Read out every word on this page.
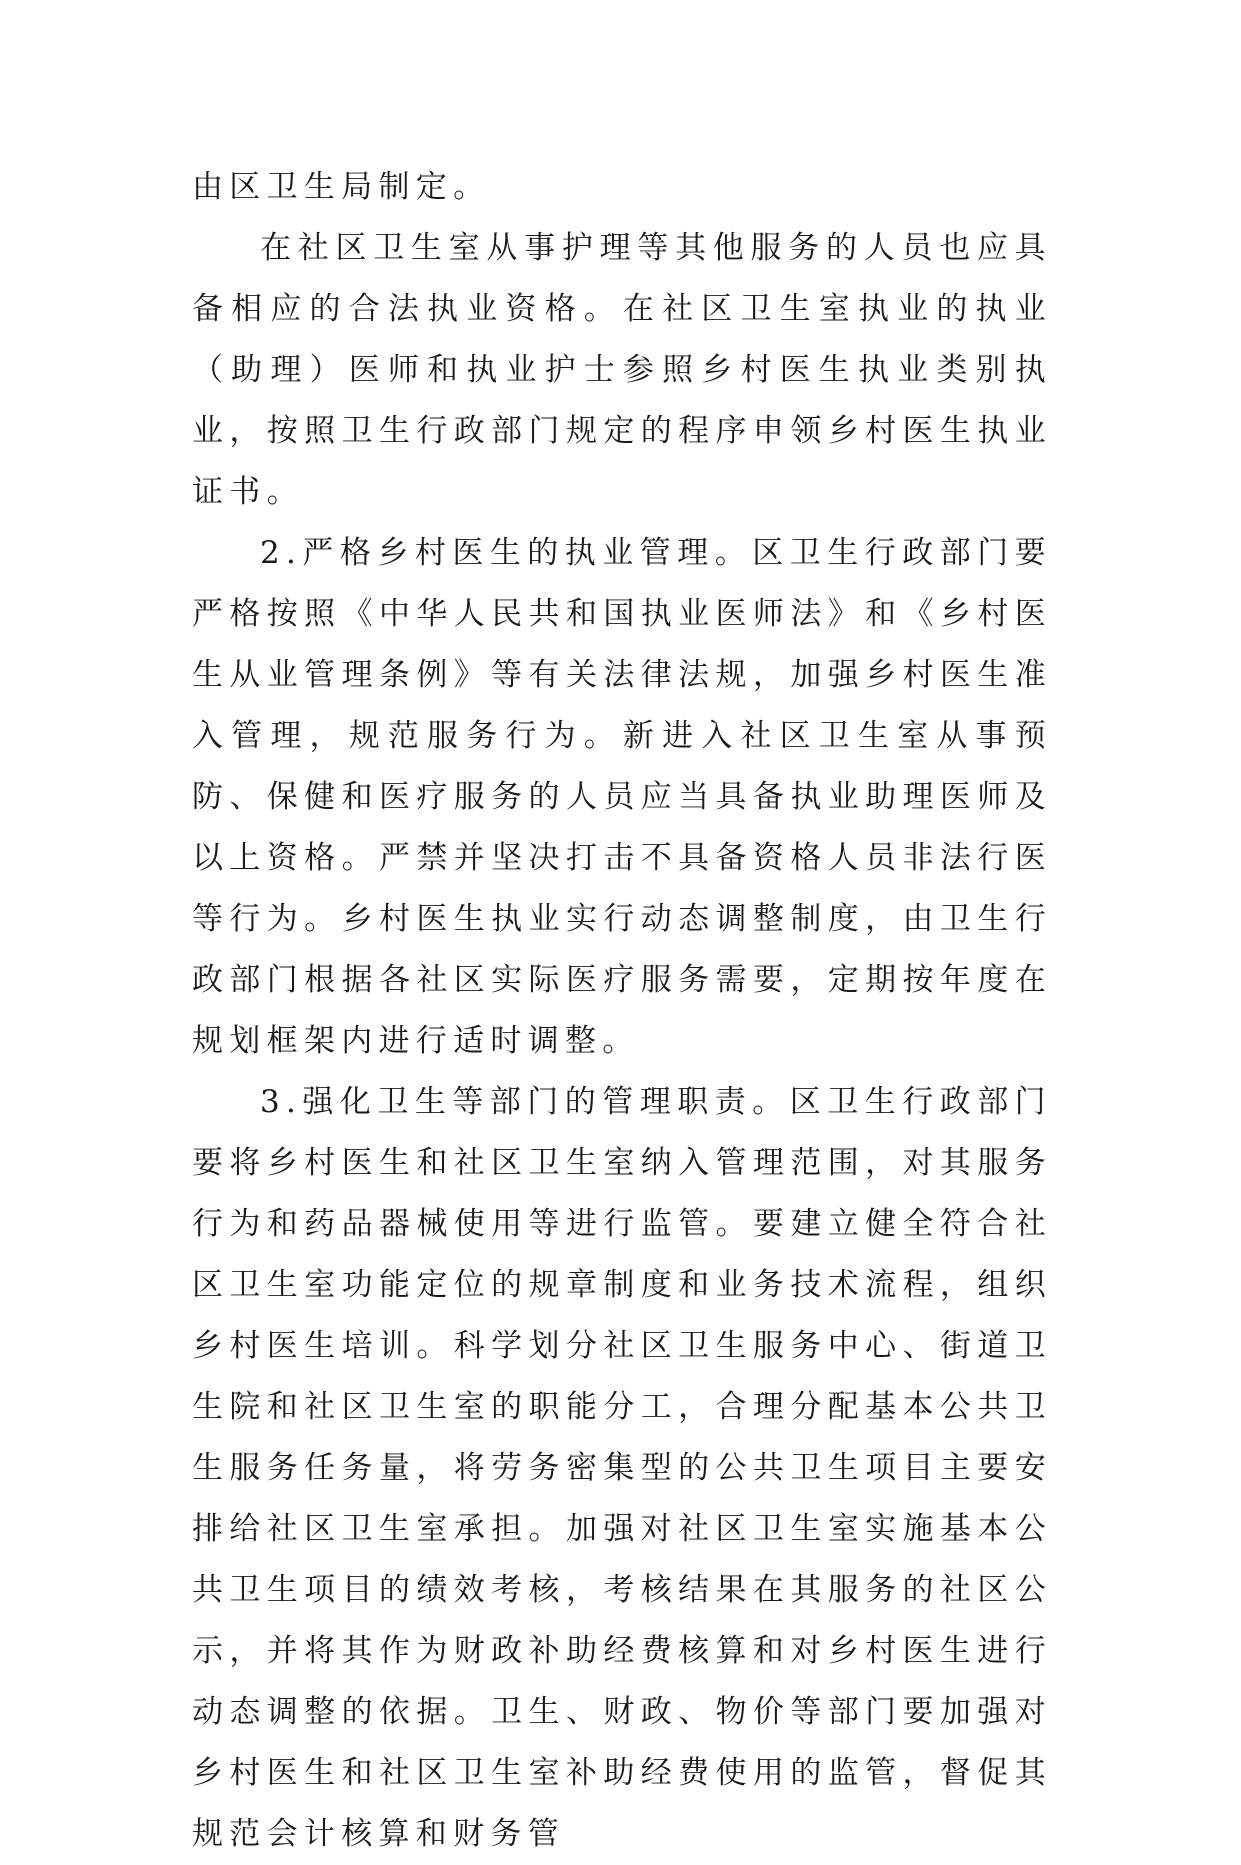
由区卫生局制定。

在社区卫生室从事护理等其他服务的人员也应具备相应的合法执业资格。在社区卫生室执业的执业（助理）医师和执业护士参照乡村医生执业类别执业，按照卫生行政部门规定的程序申领乡村医生执业证书。

2.严格乡村医生的执业管理。区卫生行政部门要严格按照《中华人民共和国执业医师法》和《乡村医生从业管理条例》等有关法律法规，加强乡村医生准入管理，规范服务行为。新进入社区卫生室从事预防、保健和医疗服务的人员应当具备执业助理医师及以上资格。严禁并坚决打击不具备资格人员非法行医等行为。乡村医生执业实行动态调整制度，由卫生行政部门根据各社区实际医疗服务需要，定期按年度在规划框架内进行适时调整。

3.强化卫生等部门的管理职责。区卫生行政部门要将乡村医生和社区卫生室纳入管理范围，对其服务行为和药品器械使用等进行监管。要建立健全符合社区卫生室功能定位的规章制度和业务技术流程，组织乡村医生培训。科学划分社区卫生服务中心、街道卫生院和社区卫生室的职能分工，合理分配基本公共卫生服务任务量，将劳务密集型的公共卫生项目主要安排给社区卫生室承担。加强对社区卫生室实施基本公共卫生项目的绩效考核，考核结果在其服务的社区公示，并将其作为财政补助经费核算和对乡村医生进行动态调整的依据。卫生、财政、物价等部门要加强对乡村医生和社区卫生室补助经费使用的监管，督促其规范会计核算和财务管
